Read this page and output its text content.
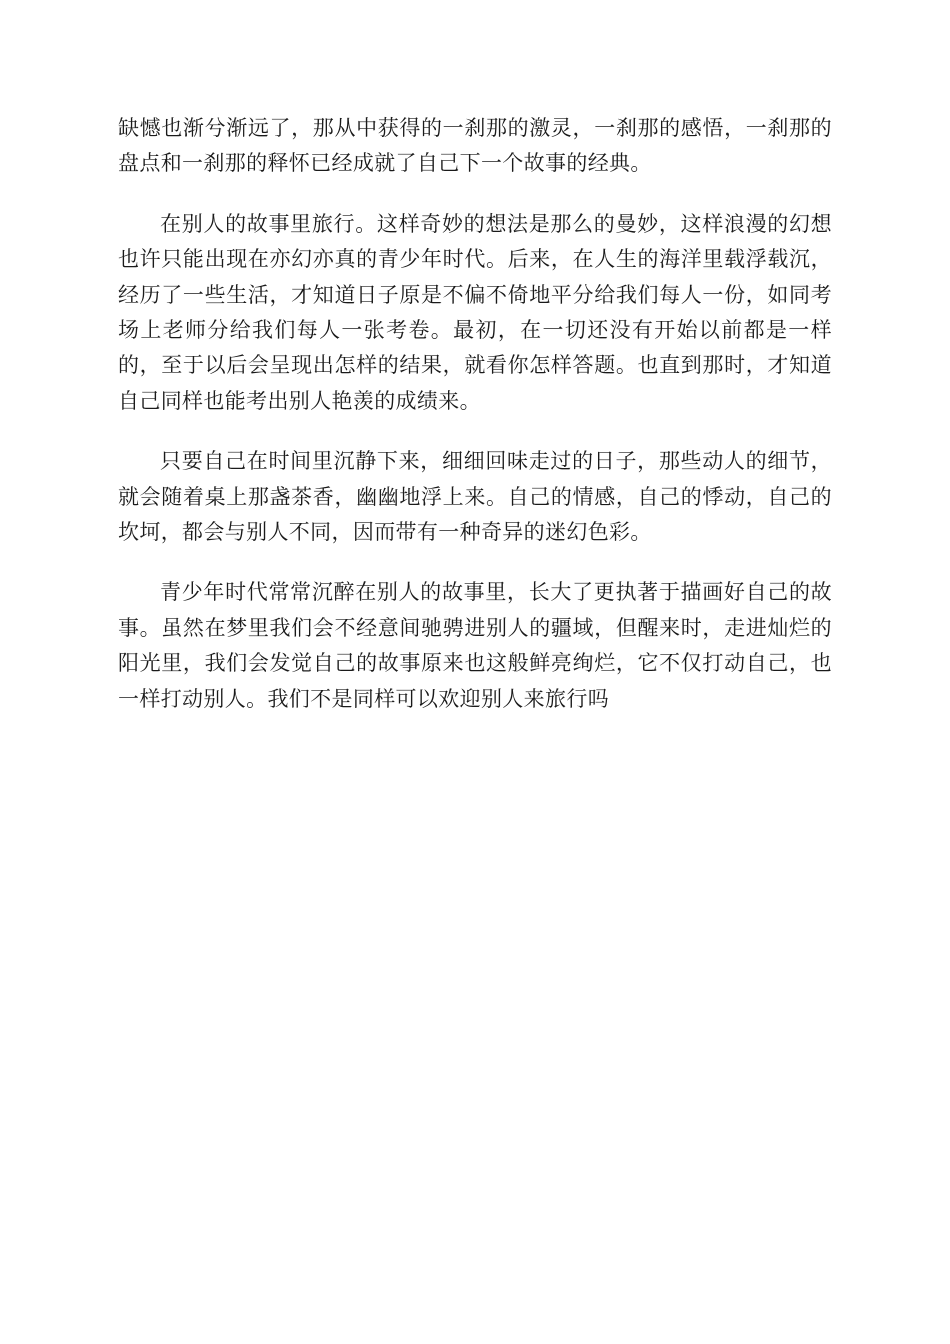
缺憾也渐兮渐远了，那从中获得的一刹那的激灵，一刹那的感悟，一刹那的盘点和一刹那的释怀已经成就了自己下一个故事的经典。

在别人的故事里旅行。这样奇妙的想法是那么的曼妙，这样浪漫的幻想也许只能出现在亦幻亦真的青少年时代。后来，在人生的海洋里载浮载沉，经历了一些生活，才知道日子原是不偏不倚地平分给我们每人一份，如同考场上老师分给我们每人一张考卷。最初，在一切还没有开始以前都是一样的，至于以后会呈现出怎样的结果，就看你怎样答题。也直到那时，才知道自己同样也能考出别人艳羡的成绩来。

只要自己在时间里沉静下来，细细回味走过的日子，那些动人的细节，就会随着桌上那盏茶香，幽幽地浮上来。自己的情感，自己的悸动，自己的坎坷，都会与别人不同，因而带有一种奇异的迷幻色彩。

青少年时代常常沉醉在别人的故事里，长大了更执著于描画好自己的故事。虽然在梦里我们会不经意间驰骋进别人的疆域，但醒来时，走进灿烂的阳光里，我们会发觉自己的故事原来也这般鲜亮绚烂，它不仅打动自己，也一样打动别人。我们不是同样可以欢迎别人来旅行吗
